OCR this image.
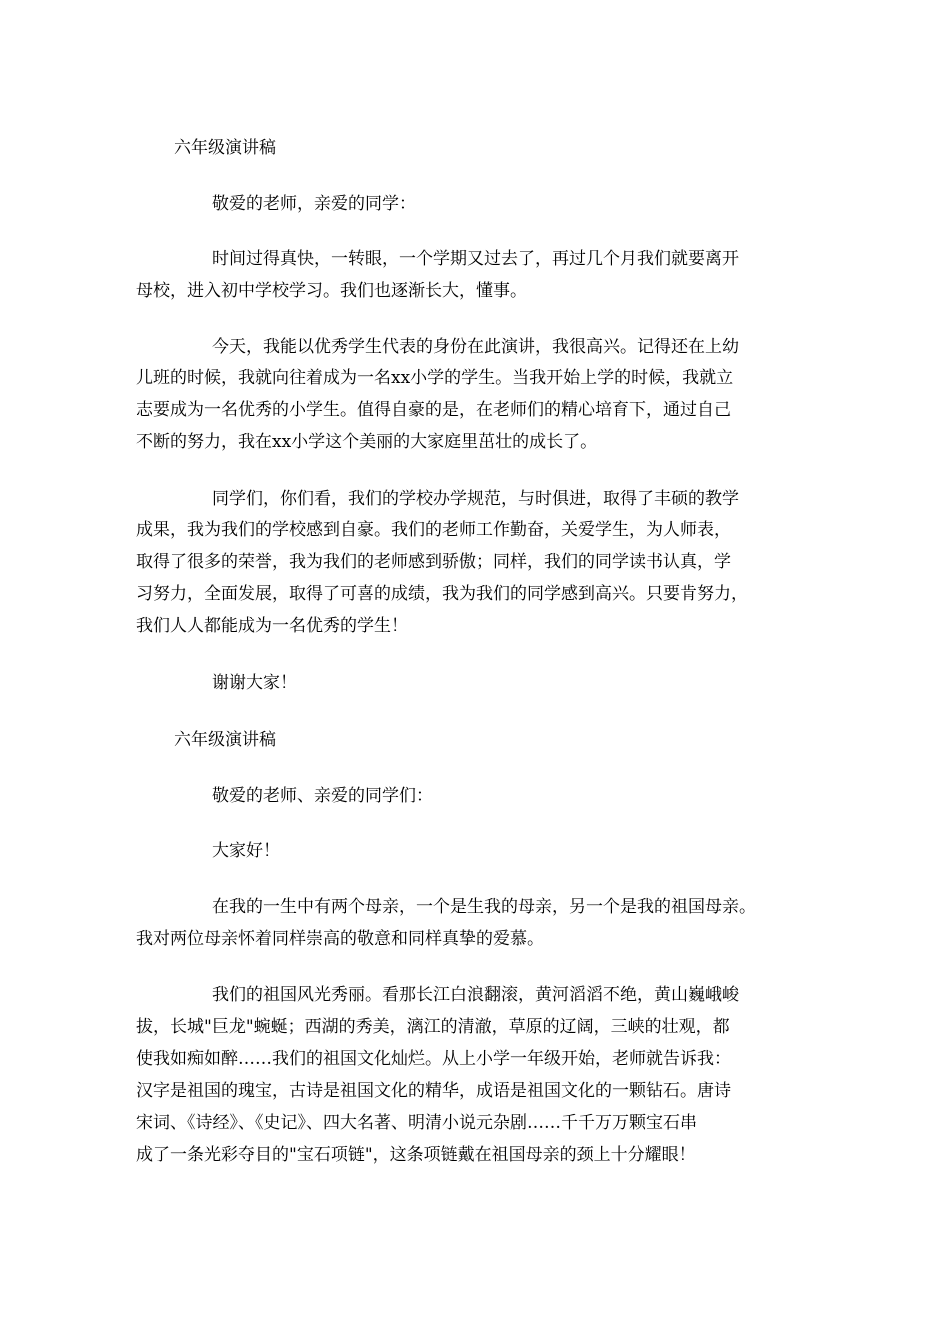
六年级演讲稿
敬爱的老师，亲爱的同学：
时间过得真快，一转眼，一个学期又过去了，再过几个月我们就要离开
母校，进入初中学校学习。我们也逐渐长大，懂事。
今天，我能以优秀学生代表的身份在此演讲，我很高兴。记得还在上幼
儿班的时候，我就向往着成为一名xx小学的学生。当我开始上学的时候，我就立
志要成为一名优秀的小学生。值得自豪的是，在老师们的精心培育下，通过自己
不断的努力，我在xx小学这个美丽的大家庭里茁壮的成长了。
同学们，你们看，我们的学校办学规范，与时俱进，取得了丰硕的教学
成果，我为我们的学校感到自豪。我们的老师工作勤奋，关爱学生，为人师表，
取得了很多的荣誉，我为我们的老师感到骄傲；同样，我们的同学读书认真，学
习努力，全面发展，取得了可喜的成绩，我为我们的同学感到高兴。只要肯努力，
我们人人都能成为一名优秀的学生！
谢谢大家！
六年级演讲稿
敬爱的老师、亲爱的同学们：
大家好！
在我的一生中有两个母亲，一个是生我的母亲，另一个是我的祖国母亲。
我对两位母亲怀着同样崇高的敬意和同样真挚的爱慕。
我们的祖国风光秀丽。看那长江白浪翻滚，黄河滔滔不绝，黄山巍峨峻
拔，长城"巨龙"蜿蜒；西湖的秀美，漓江的清澈，草原的辽阔，三峡的壮观，都
使我如痴如醉……我们的祖国文化灿烂。从上小学一年级开始，老师就告诉我：
汉字是祖国的瑰宝，古诗是祖国文化的精华，成语是祖国文化的一颗钻石。唐诗
宋词、《诗经》、《史记》、四大名著、明清小说元杂剧……千千万万颗宝石串
成了一条光彩夺目的"宝石项链"，这条项链戴在祖国母亲的颈上十分耀眼！
